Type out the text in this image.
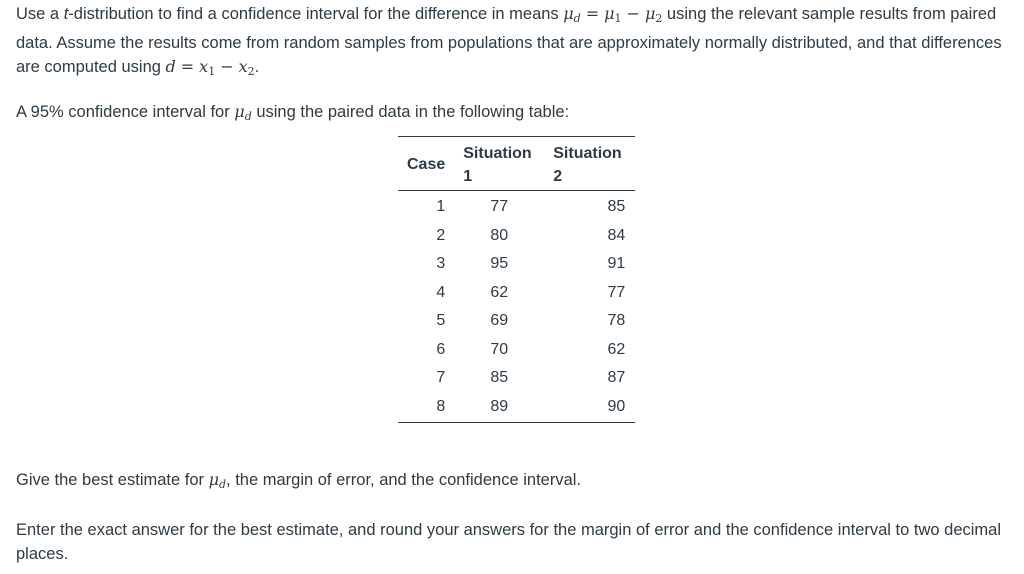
Use a t-distribution to find a confidence interval for the difference in means $\mu_d = \mu_1 - \mu_2$ using the relevant sample results from paired data. Assume the results come from random samples from populations that are approximately normally distributed, and that differences are computed using $d = x_1 - x_2$.

A 95% confidence interval for $\mu_d$ using the paired data in the following table:

Case	Situation 1	Situation 2
1	77	85
2	80	84
3	95	91
4	62	77
5	69	78
6	70	62
7	85	87
8	89	90

Give the best estimate for $\mu_d$, the margin of error, and the confidence interval.

Enter the exact answer for the best estimate, and round your answers for the margin of error and the confidence interval to two decimal places.
